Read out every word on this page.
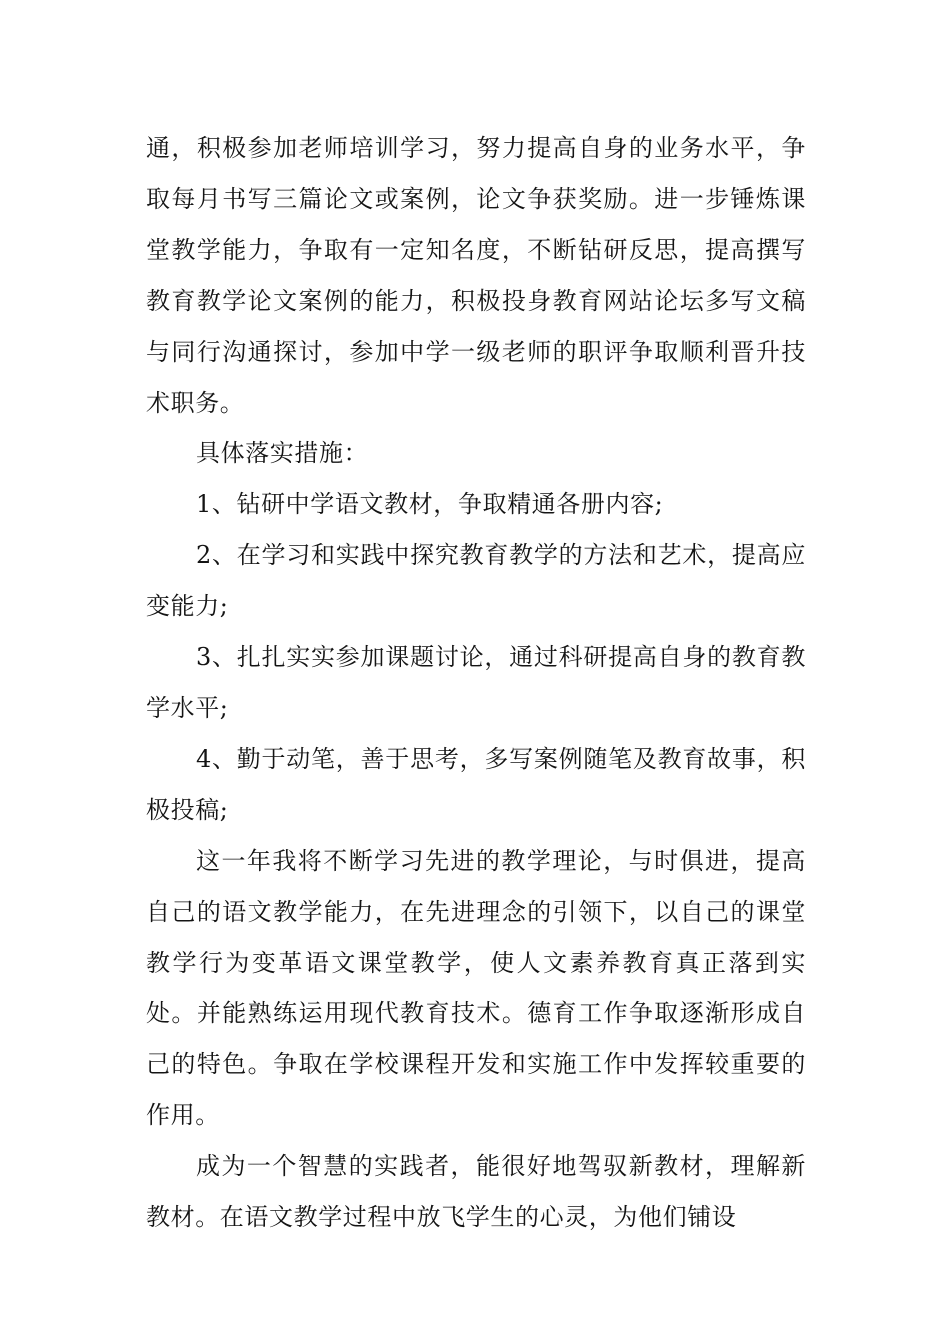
通，积极参加老师培训学习，努力提高自身的业务水平，争取每月书写三篇论文或案例，论文争获奖励。进一步锤炼课堂教学能力，争取有一定知名度，不断钻研反思，提高撰写教育教学论文案例的能力，积极投身教育网站论坛多写文稿与同行沟通探讨，参加中学一级老师的职评争取顺利晋升技术职务。

具体落实措施：

1、钻研中学语文教材，争取精通各册内容;

2、在学习和实践中探究教育教学的方法和艺术，提高应变能力;

3、扎扎实实参加课题讨论，通过科研提高自身的教育教学水平;

4、勤于动笔，善于思考，多写案例随笔及教育故事，积极投稿;

这一年我将不断学习先进的教学理论，与时俱进，提高自己的语文教学能力，在先进理念的引领下，以自己的课堂教学行为变革语文课堂教学，使人文素养教育真正落到实处。并能熟练运用现代教育技术。德育工作争取逐渐形成自己的特色。争取在学校课程开发和实施工作中发挥较重要的作用。

成为一个智慧的实践者，能很好地驾驭新教材，理解新教材。在语文教学过程中放飞学生的心灵，为他们铺设
